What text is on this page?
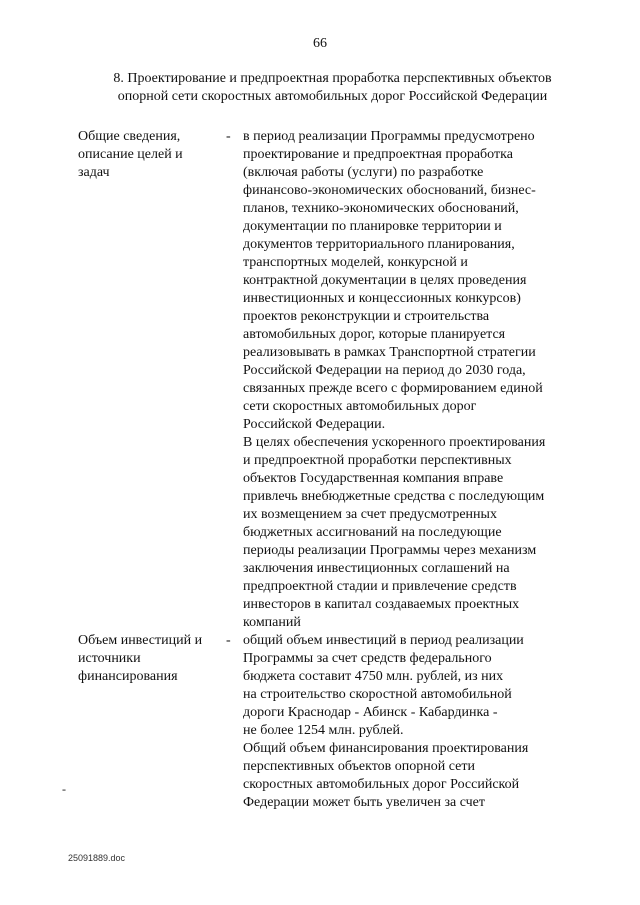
66

8. Проектирование и предпроектная проработка перспективных объектов
опорной сети скоростных автомобильных дорог Российской Федерации

Общие сведения,
описание целей и
задач

- в период реализации Программы предусмотрено
проектирование и предпроектная проработка
(включая работы (услуги) по разработке
финансово-экономических обоснований, бизнес-
планов, технико-экономических обоснований,
документации по планировке территории и
документов территориального планирования,
транспортных моделей, конкурсной и
контрактной документации в целях проведения
инвестиционных и концессионных конкурсов)
проектов реконструкции и строительства
автомобильных дорог, которые планируется
реализовывать в рамках Транспортной стратегии
Российской Федерации на период до 2030 года,
связанных прежде всего с формированием единой
сети скоростных автомобильных дорог
Российской Федерации.

В целях обеспечения ускоренного проектирования
и предпроектной проработки перспективных
объектов Государственная компания вправе
привлечь внебюджетные средства с последующим
их возмещением за счет предусмотренных
бюджетных ассигнований на последующие
периоды реализации Программы через механизм
заключения инвестиционных соглашений на
предпроектной стадии и привлечение средств
инвесторов в капитал создаваемых проектных
компаний

Объем инвестиций и
источники
финансирования

- общий объем инвестиций в период реализации
Программы за счет средств федерального
бюджета составит 4750 млн. рублей, из них
на строительство скоростной автомобильной
дороги Краснодар - Абинск - Кабардинка -
не более 1254 млн. рублей.

Общий объем финансирования проектирования
перспективных объектов опорной сети
скоростных автомобильных дорог Российской
Федерации может быть увеличен за счет

-
25091889.doc
